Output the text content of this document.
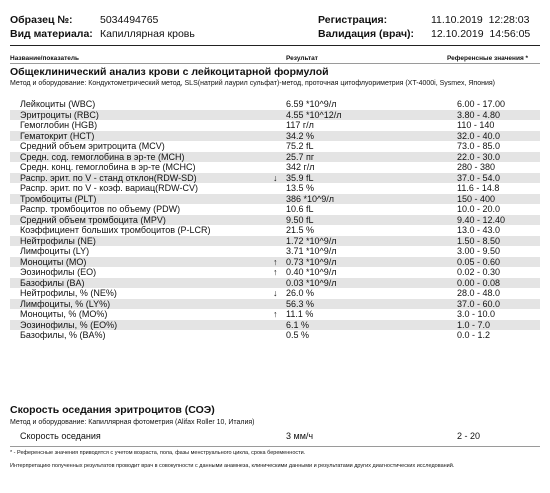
Образец №:	5034494765
Вид материала: Капиллярная кровь
Регистрация:	11.10.2019  12:28:03
Валидация (врач): 12.10.2019  14:56:05
Название/показатель	Результат	Референсные значения *
Общеклинический анализ крови с лейкоцитарной формулой
Метод и оборудование: Кондуктометрический метод, SLS(натрий лаурил сульфат)-метод, проточная цитофлуориметрия (XT-4000i, Sysmex, Япония)
Лейкоциты (WBC)	6.59 *10^9/л	6.00 - 17.00
Эритроциты (RBC)	4.55 *10^12/л	3.80 - 4.80
Гемоглобин (HGB)	117 г/л	110 - 140
Гематокрит (HCT)	34.2 %	32.0 - 40.0
Средний объем эритроцита (MCV)	75.2 fL	73.0 - 85.0
Средн. сод. гемоглобина в эр-те (MCH)	25.7 пг	22.0 - 30.0
Средн. конц. гемоглобина в эр-те (MCHC)	342 г/л	280 - 380
Распр. эрит. по V - станд отклон(RDW-SD)	↓ 35.9 fL	37.0 - 54.0
Распр. эрит. по V - коэф. вариац(RDW-CV)	13.5 %	11.6 - 14.8
Тромбоциты (PLT)	386 *10^9/л	150 - 400
Распр. тромбоцитов по объему (PDW)	10.6 fL	10.0 - 20.0
Средний объем тромбоцита (MPV)	9.50 fL	9.40 - 12.40
Коэффициент больших тромбоцитов (P-LCR)	21.5 %	13.0 - 43.0
Нейтрофилы (NE)	1.72 *10^9/л	1.50 - 8.50
Лимфоциты (LY)	3.71 *10^9/л	3.00 - 9.50
Моноциты (MO)	↑ 0.73 *10^9/л	0.05 - 0.60
Эозинофилы (EO)	↑ 0.40 *10^9/л	0.02 - 0.30
Базофилы (BA)	0.03 *10^9/л	0.00 - 0.08
Нейтрофилы, % (NE%)	↓ 26.0 %	28.0 - 48.0
Лимфоциты, % (LY%)	56.3 %	37.0 - 60.0
Моноциты, % (MO%)	↑ 11.1 %	3.0 - 10.0
Эозинофилы, % (EO%)	6.1 %	1.0 - 7.0
Базофилы, % (BA%)	0.5 %	0.0 - 1.2
Скорость оседания эритроцитов (СОЭ)
Метод и оборудование: Капиллярная фотометрия (Alifax Roller 10, Италия)
Скорость оседания	3 мм/ч	2 - 20
* - Референсные значения приводятся с учетом возраста, пола, фазы менструального цикла, срока беременности.
Интерпретацию полученных результатов проводит врач в совокупности с данными анамнеза, клиническими данными и результатами других диагностических исследований.
